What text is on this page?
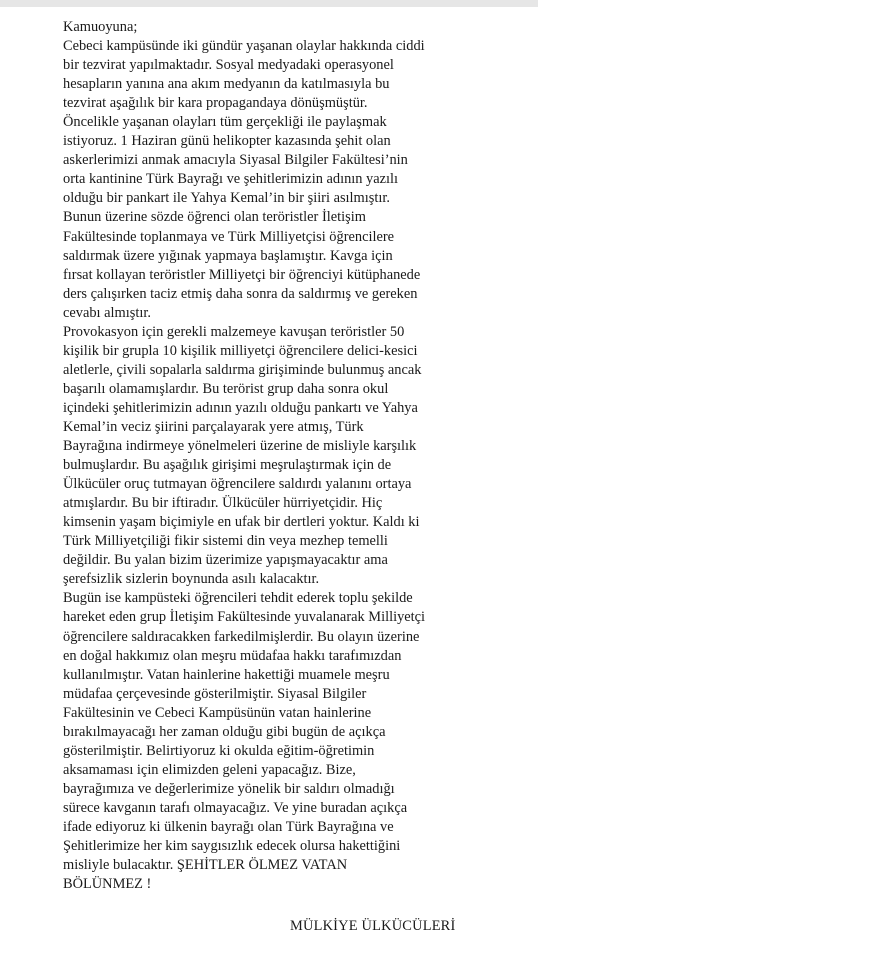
Kamuoyuna;
Cebeci kampüsünde iki gündür yaşanan olaylar hakkında ciddi
bir tezvirat yapılmaktadır. Sosyal medyadaki operasyonel
hesapların yanına ana akım medyanın da katılmasıyla bu
tezvirat aşağılık bir kara propagandaya dönüşmüştür.
Öncelikle yaşanan olayları tüm gerçekliği ile paylaşmak
istiyoruz. 1 Haziran günü helikopter kazasında şehit olan
askerlerimizi anmak amacıyla Siyasal Bilgiler Fakültesi’nin
orta kantinine Türk Bayrağı ve şehitlerimizin adının yazılı
olduğu bir pankart ile Yahya Kemal’in bir şiiri asılmıştır.
Bunun üzerine sözde öğrenci olan teröristler İletişim
Fakültesinde toplanmaya ve Türk Milliyetçisi öğrencilere
saldırmak üzere yığınak yapmaya başlamıştır. Kavga için
fırsat kollayan teröristler Milliyetçi bir öğrenciyi kütüphanede
ders çalışırken taciz etmiş daha sonra da saldırmış ve gereken
cevabı almıştır.
Provokasyon için gerekli malzemeye kavuşan teröristler 50
kişilik bir grupla 10 kişilik milliyetçi öğrencilere delici-kesici
aletlerle, çivili sopalarla saldırma girişiminde bulunmuş ancak
başarılı olamamışlardır. Bu terörist grup daha sonra okul
içindeki şehitlerimizin adının yazılı olduğu pankartı ve Yahya
Kemal’in veciz şiirini parçalayarak yere atmış, Türk
Bayrağına indirmeye yönelmeleri üzerine de misliyle karşılık
bulmuşlardır. Bu aşağılık girişimi meşrulaştırmak için de
Ülkücüler oruç tutmayan öğrencilere saldırdı yalanını ortaya
atmışlardır. Bu bir iftiradır. Ülkücüler hürriyetçidir. Hiç
kimsenin yaşam biçimiyle en ufak bir dertleri yoktur. Kaldı ki
Türk Milliyetçiliği fikir sistemi din veya mezhep temelli
değildir. Bu yalan bizim üzerimize yapışmayacaktır ama
şerefsizlik sizlerin boynunda asılı kalacaktır.
Bugün ise kampüsteki öğrencileri tehdit ederek toplu şekilde
hareket eden grup İletişim Fakültesinde yuvalanarak Milliyetçi
öğrencilere saldıracakken farkedilmişlerdir. Bu olayın üzerine
en doğal hakkımız olan meşru müdafaa hakkı tarafımızdan
kullanılmıştır. Vatan hainlerine hakettiği muamele meşru
müdafaa çerçevesinde gösterilmiştir. Siyasal Bilgiler
Fakültesinin ve Cebeci Kampüsünün vatan hainlerine
bırakılmayacağı her zaman olduğu gibi bugün de açıkça
gösterilmiştir. Belirtiyoruz ki okulda eğitim-öğretimin
aksamaması için elimizden geleni yapacağız. Bize,
bayrağımıza ve değerlerimize yönelik bir saldırı olmadığı
sürece kavganın tarafı olmayacağız. Ve yine buradan açıkça
ifade ediyoruz ki ülkenin bayrağı olan Türk Bayrağına ve
Şehitlerimize her kim saygısızlık edecek olursa hakettiğini
misliyle bulacaktır. ŞEHİTLER ÖLMEZ VATAN
BÖLÜNMEZ !
MÜLKİYE ÜLKÜCÜLERİ
